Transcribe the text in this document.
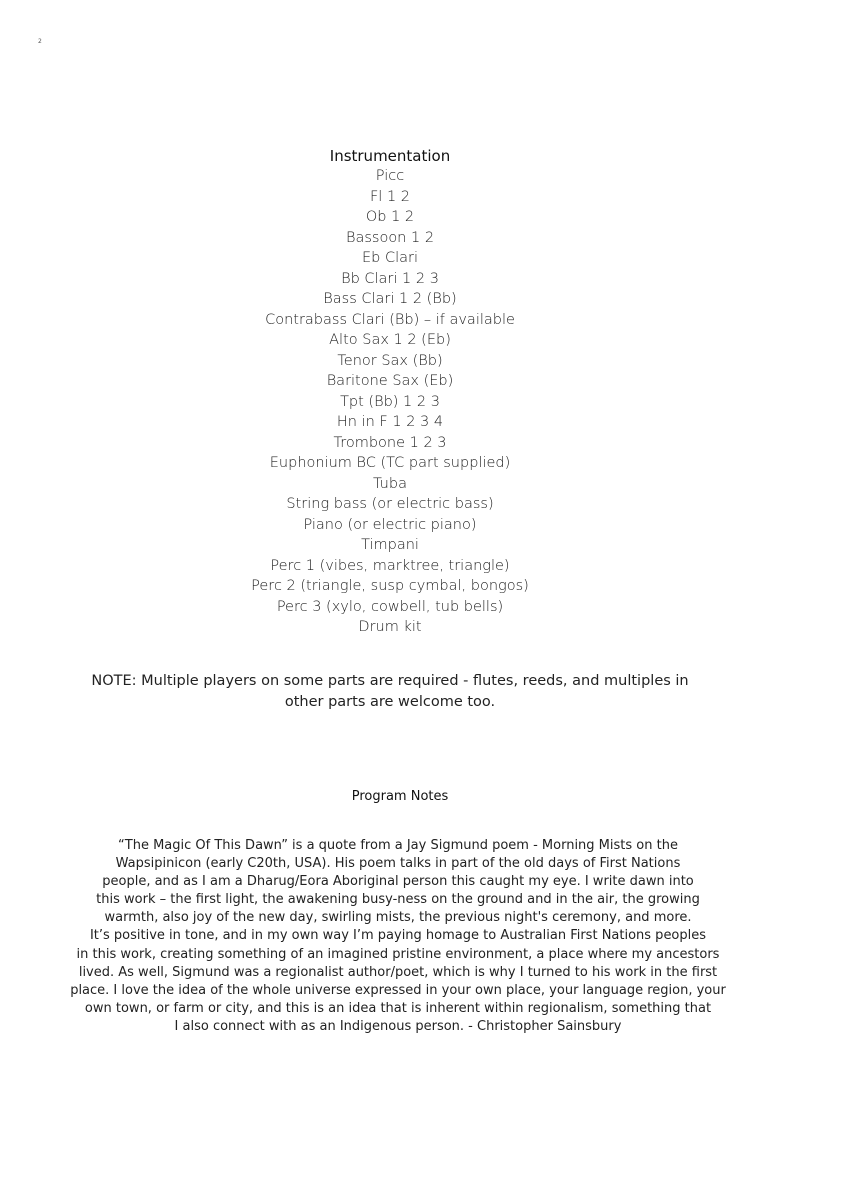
2
Instrumentation
Picc
Fl 1 2
Ob 1 2
Bassoon 1 2
Eb Clari
Bb Clari 1 2 3
Bass Clari 1 2 (Bb)
Contrabass Clari (Bb) – if available
Alto Sax 1 2 (Eb)
Tenor Sax (Bb)
Baritone Sax (Eb)
Tpt (Bb) 1 2 3
Hn in F 1 2 3 4
Trombone 1 2 3
Euphonium BC (TC part supplied)
Tuba
String bass (or electric bass)
Piano (or electric piano)
Timpani
Perc 1 (vibes, marktree, triangle)
Perc 2 (triangle, susp cymbal, bongos)
Perc 3 (xylo, cowbell, tub bells)
Drum kit

NOTE: Multiple players on some parts are required - flutes, reeds, and multiples in
other parts are welcome too.

Program Notes

“The Magic Of This Dawn” is a quote from a Jay Sigmund poem - Morning Mists on the
Wapsipinicon (early C20th, USA). His poem talks in part of the old days of First Nations
people, and as I am a Dharug/Eora Aboriginal person this caught my eye. I write dawn into
this work – the first light, the awakening busy-ness on the ground and in the air, the growing
warmth, also joy of the new day, swirling mists, the previous night's ceremony, and more.
It’s positive in tone, and in my own way I’m paying homage to Australian First Nations peoples
in this work, creating something of an imagined pristine environment, a place where my ancestors
lived. As well, Sigmund was a regionalist author/poet, which is why I turned to his work in the first
place. I love the idea of the whole universe expressed in your own place, your language region, your
own town, or farm or city, and this is an idea that is inherent within regionalism, something that
I also connect with as an Indigenous person. - Christopher Sainsbury
